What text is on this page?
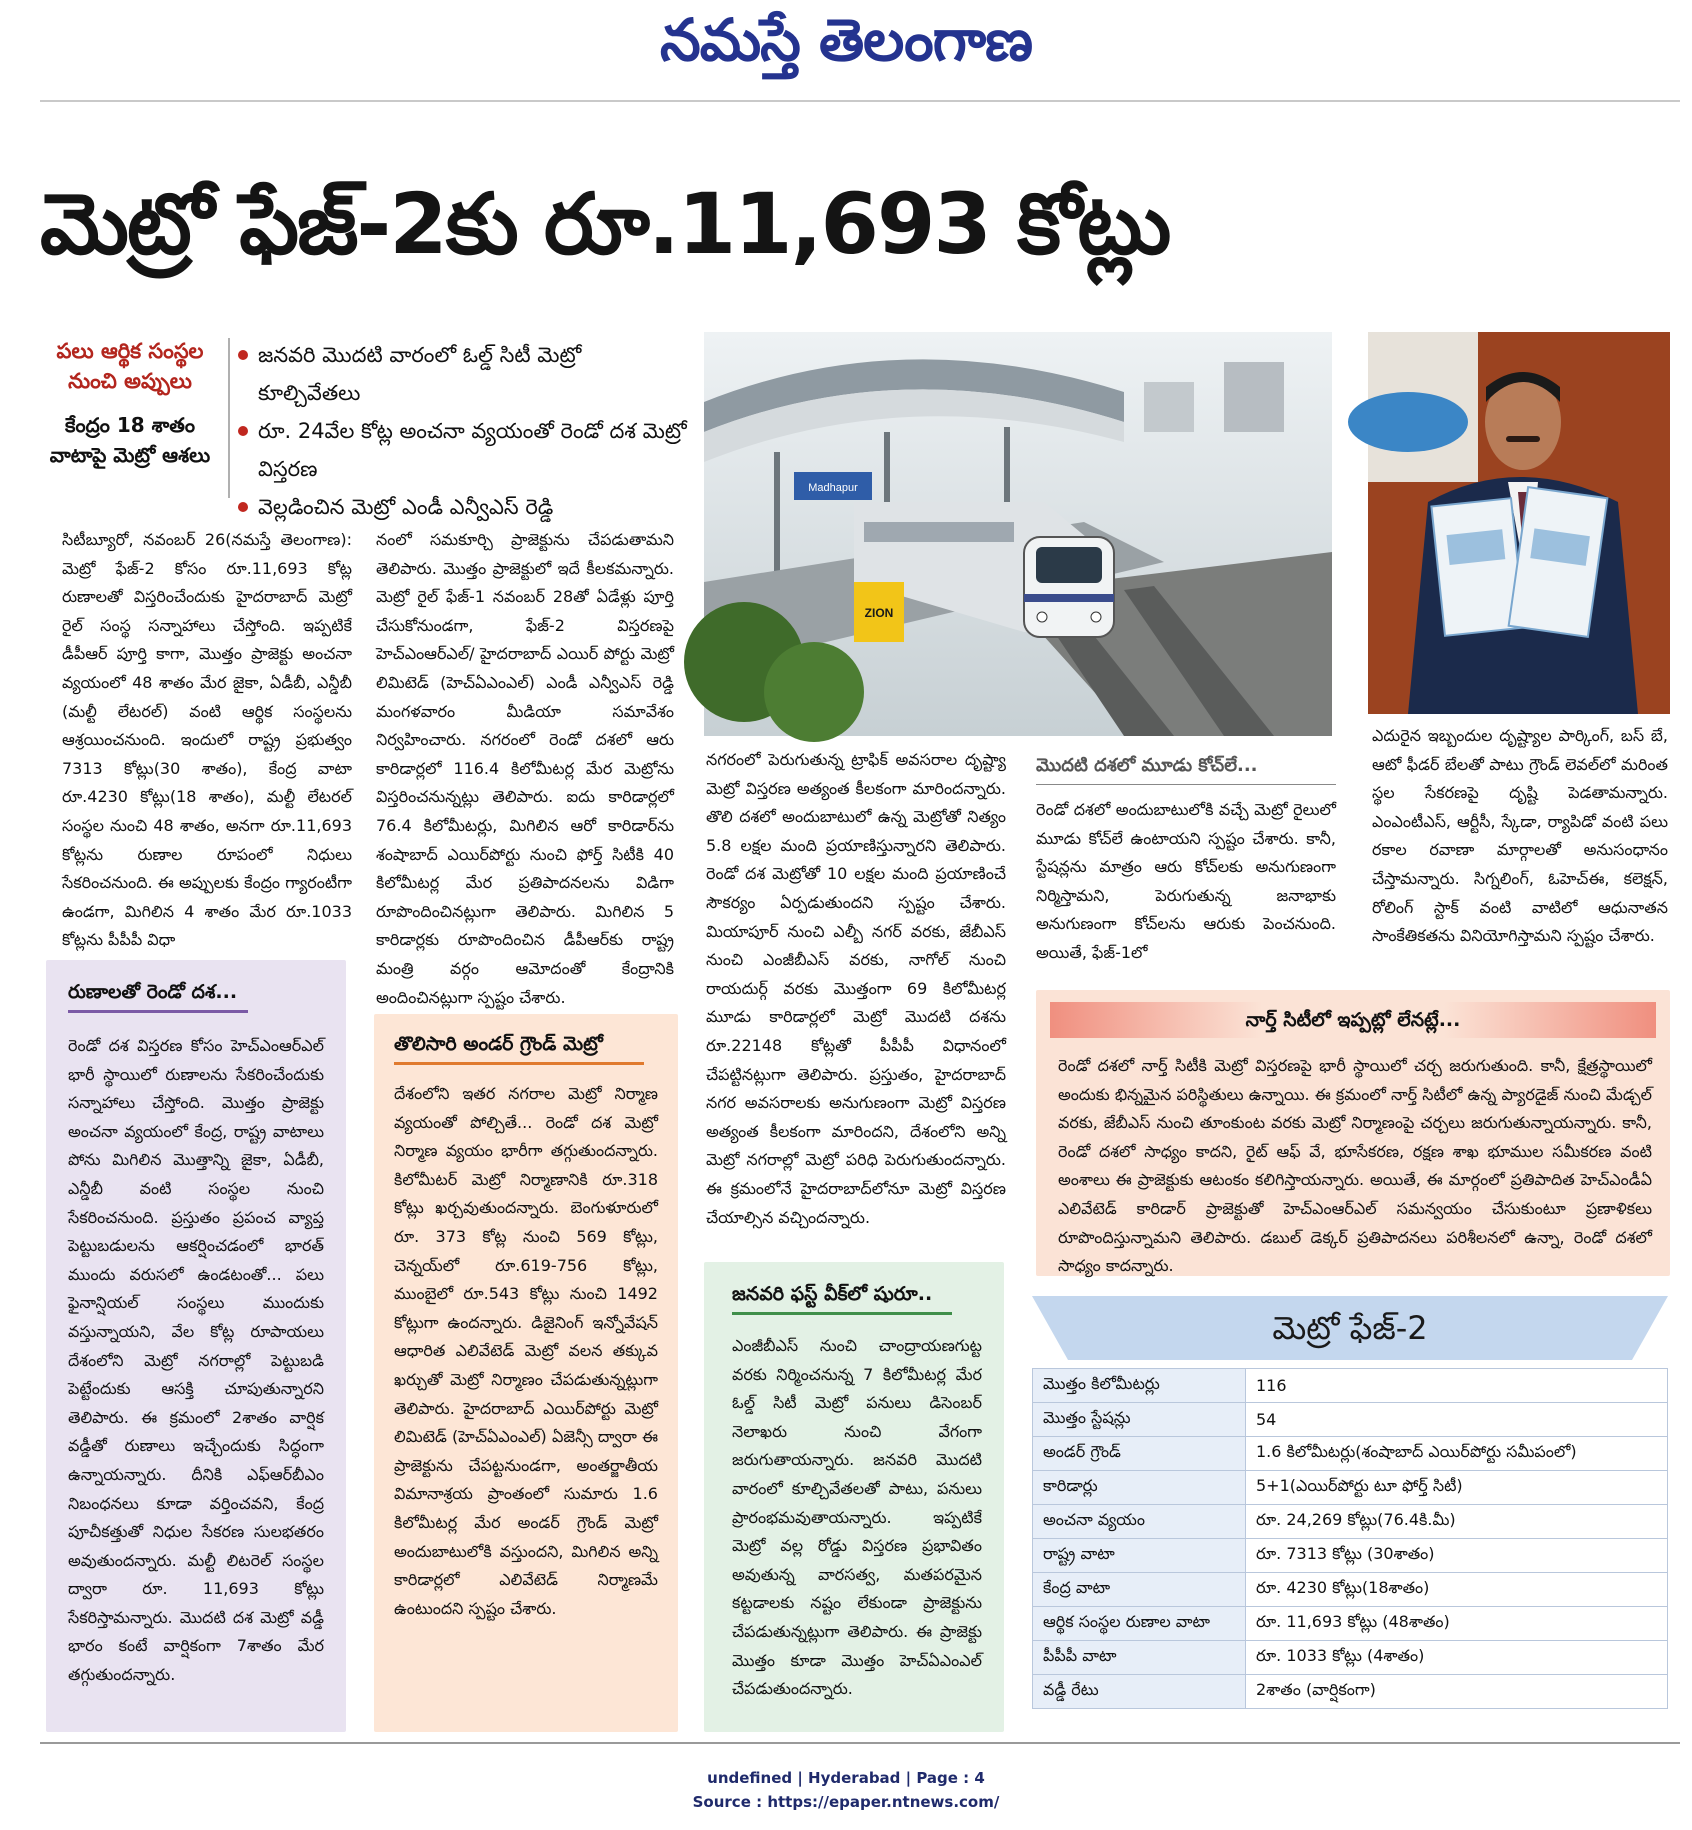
నమస్తే తెలంగాణ
మెట్రో ఫేజ్-2కు రూ.11,693 కోట్లు
పలు ఆర్థిక సంస్థల నుంచి అప్పులు
కేంద్రం 18 శాతం వాటాపై మెట్రో ఆశలు
జనవరి మొదటి వారంలో ఓల్డ్ సిటీ మెట్రో కూల్చివేతలు
రూ. 24వేల కోట్ల అంచనా వ్యయంతో రెండో దశ మెట్రో విస్తరణ
వెల్లడించిన మెట్రో ఎండీ ఎన్వీఎస్ రెడ్డి

సిటీబ్యూరో, నవంబర్ 26(నమస్తే తెలంగాణ): మెట్రో ఫేజ్-2 కోసం రూ.11,693 కోట్ల రుణాలతో విస్తరించేందుకు హైదరాబాద్ మెట్రో రైల్ సంస్థ సన్నాహాలు చేస్తోంది. ఇప్పటికే డీపీఆర్ పూర్తి కాగా, మొత్తం ప్రాజెక్టు అంచనా వ్యయంలో 48 శాతం మేర జైకా, ఏడీబీ, ఎన్డీబీ (మల్టీ లేటరల్) వంటి ఆర్థిక సంస్థలను ఆశ్రయించనుంది. ఇందులో రాష్ట్ర ప్రభుత్వం 7313 కోట్లు(30 శాతం), కేంద్ర వాటా రూ.4230 కోట్లు(18 శాతం), మల్టీ లేటరల్ సంస్థల నుంచి 48 శాతం, అనగా రూ.11,693 కోట్లను రుణాల రూపంలో నిధులు సేకరించనుంది. ఈ అప్పులకు కేంద్రం గ్యారంటీగా ఉండగా, మిగిలిన 4 శాతం మేర రూ.1033 కోట్లను పీపీపీ విధా

నంలో సమకూర్చి ప్రాజెక్టును చేపడుతామని తెలిపారు. మొత్తం ప్రాజెక్టులో ఇదే కీలకమన్నారు. మెట్రో రైల్ ఫేజ్-1 నవంబర్ 28తో ఏడేళ్లు పూర్తి చేసుకోనుండగా, ఫేజ్-2 విస్తరణపై హెచ్ఎంఆర్ఎల్/ హైదరాబాద్ ఎయిర్ పోర్టు మెట్రో లిమిటెడ్ (హెచ్ఏఎంఎల్) ఎండీ ఎన్వీఎస్ రెడ్డి మంగళవారం మీడియా సమావేశం నిర్వహించారు. నగరంలో రెండో దశలో ఆరు కారిడార్లలో 116.4 కిలోమీటర్ల మేర మెట్రోను విస్తరించనున్నట్లు తెలిపారు. ఐదు కారిడార్లలో 76.4 కిలోమీటర్లు, మిగిలిన ఆరో కారిడార్‌ను శంషాబాద్ ఎయిర్‌పోర్టు నుంచి ఫోర్త్ సిటీకి 40 కిలోమీటర్ల మేర ప్రతిపాదనలను విడిగా రూపొందించినట్లుగా తెలిపారు. మిగిలిన 5 కారిడార్లకు రూపొందించిన డీపీఆర్‌కు రాష్ట్ర మంత్రి వర్గం ఆమోదంతో కేంద్రానికి అందించినట్లుగా స్పష్టం చేశారు.

ZION
Madhapur

నగరంలో పెరుగుతున్న ట్రాఫిక్ అవసరాల దృష్ట్యా మెట్రో విస్తరణ అత్యంత కీలకంగా మారిందన్నారు. తొలి దశలో అందుబాటులో ఉన్న మెట్రోతో నిత్యం 5.8 లక్షల మంది ప్రయాణిస్తున్నారని తెలిపారు. రెండో దశ మెట్రోతో 10 లక్షల మంది ప్రయాణించే సౌకర్యం ఏర్పడుతుందని స్పష్టం చేశారు. మియాపూర్ నుంచి ఎల్బీ నగర్ వరకు, జేబీఎస్ నుంచి ఎంజీబీఎస్ వరకు, నాగోల్ నుంచి రాయదుర్గ్ వరకు మొత్తంగా 69 కిలోమీటర్ల మూడు కారిడార్లలో మెట్రో మొదటి దశను రూ.22148 కోట్లతో పీపీపీ విధానంలో చేపట్టినట్లుగా తెలిపారు. ప్రస్తుతం, హైదరాబాద్ నగర అవసరాలకు అనుగుణంగా మెట్రో విస్తరణ అత్యంత కీలకంగా మారిందని, దేశంలోని అన్ని మెట్రో నగరాల్లో మెట్రో పరిధి పెరుగుతుందన్నారు. ఈ క్రమంలోనే హైదరాబాద్‌లోనూ మెట్రో విస్తరణ చేయాల్సిన వచ్చిందన్నారు.

మొదటి దశలో మూడు కోచ్‌లే...

రెండో దశలో అందుబాటులోకి వచ్చే మెట్రో రైలులో మూడు కోచ్‌లే ఉంటాయని స్పష్టం చేశారు. కానీ, స్టేషన్లను మాత్రం ఆరు కోచ్‌లకు అనుగుణంగా నిర్మిస్తామని, పెరుగుతున్న జనాభాకు అనుగుణంగా కోచ్‌లను ఆరుకు పెంచనుంది. అయితే, ఫేజ్-1లో

ఎదురైన ఇబ్బందుల దృష్ట్యాల పార్కింగ్, బస్ బే, ఆటో ఫీడర్ బేలతో పాటు గ్రౌండ్ లెవల్‌లో మరింత స్థల సేకరణపై దృష్టి పెడతామన్నారు. ఎంఎంటీఎస్, ఆర్టీసీ, స్కేడా, ర్యాపిడో వంటి పలు రకాల రవాణా మార్గాలతో అనుసంధానం చేస్తామన్నారు. సిగ్నలింగ్, ఓహెచ్ఈ, కలెక్షన్, రోలింగ్ స్టాక్ వంటి వాటిలో ఆధునాతన సాంకేతికతను వినియోగిస్తామని స్పష్టం చేశారు.

రుణాలతో రెండో దశ...

రెండో దశ విస్తరణ కోసం హెచ్ఎంఆర్ఎల్ భారీ స్థాయిలో రుణాలను సేకరించేందుకు సన్నాహాలు చేస్తోంది. మొత్తం ప్రాజెక్టు అంచనా వ్యయంలో కేంద్ర, రాష్ట్ర వాటాలు పోను మిగిలిన మొత్తాన్ని జైకా, ఏడీబీ, ఎన్డీబీ వంటి సంస్థల నుంచి సేకరించనుంది. ప్రస్తుతం ప్రపంచ వ్యాప్త పెట్టుబడులను ఆకర్షించడంలో భారత్ ముందు వరుసలో ఉండటంతో... పలు ఫైనాన్షియల్ సంస్థలు ముందుకు వస్తున్నాయని, వేల కోట్ల రూపాయలు దేశంలోని మెట్రో నగరాల్లో పెట్టుబడి పెట్టేందుకు ఆసక్తి చూపుతున్నారని తెలిపారు. ఈ క్రమంలో 2శాతం వార్షిక వడ్డీతో రుణాలు ఇచ్చేందుకు సిద్ధంగా ఉన్నాయన్నారు. దీనికి ఎఫ్ఆర్‌బీఎం నిబంధనలు కూడా వర్తించవని, కేంద్ర పూచీకత్తుతో నిధుల సేకరణ సులభతరం అవుతుందన్నారు. మల్టీ లిటరెల్ సంస్థల ద్వారా రూ. 11,693 కోట్లు సేకరిస్తామన్నారు. మొదటి దశ మెట్రో వడ్డీ భారం కంటే వార్షికంగా 7శాతం మేర తగ్గుతుందన్నారు.

తొలిసారి అండర్ గ్రౌండ్ మెట్రో

దేశంలోని ఇతర నగరాల మెట్రో నిర్మాణ వ్యయంతో పోల్చితే... రెండో దశ మెట్రో నిర్మాణ వ్యయం భారీగా తగ్గుతుందన్నారు. కిలోమీటర్ మెట్రో నిర్మాణానికి రూ.318 కోట్లు ఖర్చవుతుందన్నారు. బెంగుళూరులో రూ. 373 కోట్ల నుంచి 569 కోట్లు, చెన్నయ్‌లో రూ.619-756 కోట్లు, ముంబైలో రూ.543 కోట్లు నుంచి 1492 కోట్లుగా ఉందన్నారు. డిజైనింగ్ ఇన్నోవేషన్ ఆధారిత ఎలివేటెడ్ మెట్రో వలన తక్కువ ఖర్చుతో మెట్రో నిర్మాణం చేపడుతున్నట్లుగా తెలిపారు. హైదరాబాద్ ఎయిర్‌పోర్టు మెట్రో లిమిటెడ్ (హెచ్ఏఎంఎల్) ఏజెన్సీ ద్వారా ఈ ప్రాజెక్టును చేపట్టనుండగా, అంతర్జాతీయ విమానాశ్రయ ప్రాంతంలో సుమారు 1.6 కిలోమీటర్ల మేర అండర్ గ్రౌండ్ మెట్రో అందుబాటులోకి వస్తుందని, మిగిలిన అన్ని కారిడార్లలో ఎలివేటెడ్ నిర్మాణమే ఉంటుందని స్పష్టం చేశారు.

జనవరి ఫస్ట్ వీక్‌లో షురూ..

ఎంజీబీఎస్ నుంచి చాంద్రాయణగుట్ట వరకు నిర్మించనున్న 7 కిలోమీటర్ల మేర ఓల్డ్ సిటీ మెట్రో పనులు డిసెంబర్ నెలాఖరు నుంచి వేగంగా జరుగుతాయన్నారు. జనవరి మొదటి వారంలో కూల్చివేతలతో పాటు, పనులు ప్రారంభమవుతాయన్నారు. ఇప్పటికే మెట్రో వల్ల రోడ్డు విస్తరణ ప్రభావితం అవుతున్న వారసత్వ, మతపరమైన కట్టడాలకు నష్టం లేకుండా ప్రాజెక్టును చేపడుతున్నట్లుగా తెలిపారు. ఈ ప్రాజెక్టు మొత్తం కూడా మొత్తం హెచ్ఏఎంఎల్ చేపడుతుందన్నారు.

నార్త్ సిటీలో ఇప్పట్లో లేనట్లే...

రెండో దశలో నార్త్ సిటీకి మెట్రో విస్తరణపై భారీ స్థాయిలో చర్చ జరుగుతుంది. కానీ, క్షేత్రస్థాయిలో అందుకు భిన్నమైన పరిస్థితులు ఉన్నాయి. ఈ క్రమంలో నార్త్ సిటీలో ఉన్న ప్యారడైజ్ నుంచి మేడ్చల్ వరకు, జేబీఎస్ నుంచి తూంకుంట వరకు మెట్రో నిర్మాణంపై చర్చలు జరుగుతున్నాయన్నారు. కానీ, రెండో దశలో సాధ్యం కాదని, రైట్ ఆఫ్ వే, భూసేకరణ, రక్షణ శాఖ భూముల సమీకరణ వంటి అంశాలు ఈ ప్రాజెక్టుకు ఆటంకం కలిగిస్తాయన్నారు. అయితే, ఈ మార్గంలో ప్రతిపాదిత హెచ్ఎండీఏ ఎలివేటెడ్ కారిడార్ ప్రాజెక్టుతో హెచ్ఎంఆర్ఎల్ సమన్వయం చేసుకుంటూ ప్రణాళికలు రూపొందిస్తున్నామని తెలిపారు. డబుల్ డెక్కర్ ప్రతిపాదనలు పరిశీలనలో ఉన్నా, రెండో దశలో సాధ్యం కాదన్నారు.

మెట్రో ఫేజ్-2
మొత్తం కిలోమీటర్లు	116
మొత్తం స్టేషన్లు	54
అండర్ గ్రౌండ్	1.6 కిలోమీటర్లు(శంషాబాద్ ఎయిర్‌పోర్టు సమీపంలో)
కారిడార్లు	5+1(ఎయిర్‌పోర్టు టూ ఫోర్త్ సిటీ)
అంచనా వ్యయం	రూ. 24,269 కోట్లు(76.4కి.మీ)
రాష్ట్ర వాటా	రూ. 7313 కోట్లు (30శాతం)
కేంద్ర వాటా	రూ. 4230 కోట్లు(18శాతం)
ఆర్థిక సంస్థల రుణాల వాటా	రూ. 11,693 కోట్లు (48శాతం)
పీపీపీ వాటా	రూ. 1033 కోట్లు (4శాతం)
వడ్డీ రేటు	2శాతం (వార్షికంగా)
undefined | Hyderabad | Page : 4
Source : https://epaper.ntnews.com/
